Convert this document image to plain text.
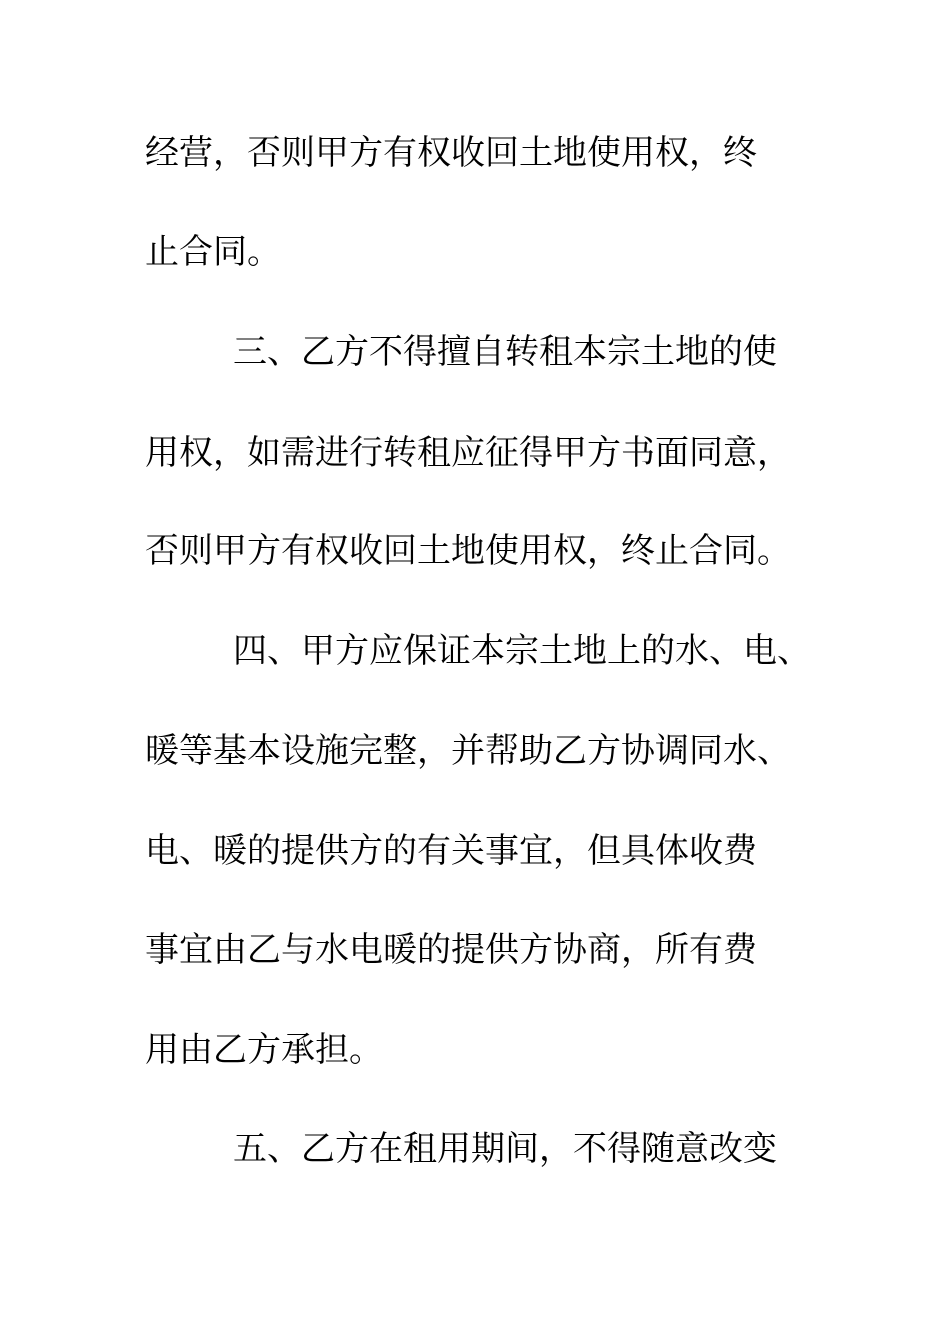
经营，否则甲方有权收回土地使用权，终
止合同。
三、乙方不得擅自转租本宗土地的使
用权，如需进行转租应征得甲方书面同意，
否则甲方有权收回土地使用权，终止合同。
四、甲方应保证本宗土地上的水、电、
暖等基本设施完整，并帮助乙方协调同水、
电、暖的提供方的有关事宜，但具体收费
事宜由乙与水电暖的提供方协商，所有费
用由乙方承担。
五、乙方在租用期间，不得随意改变
